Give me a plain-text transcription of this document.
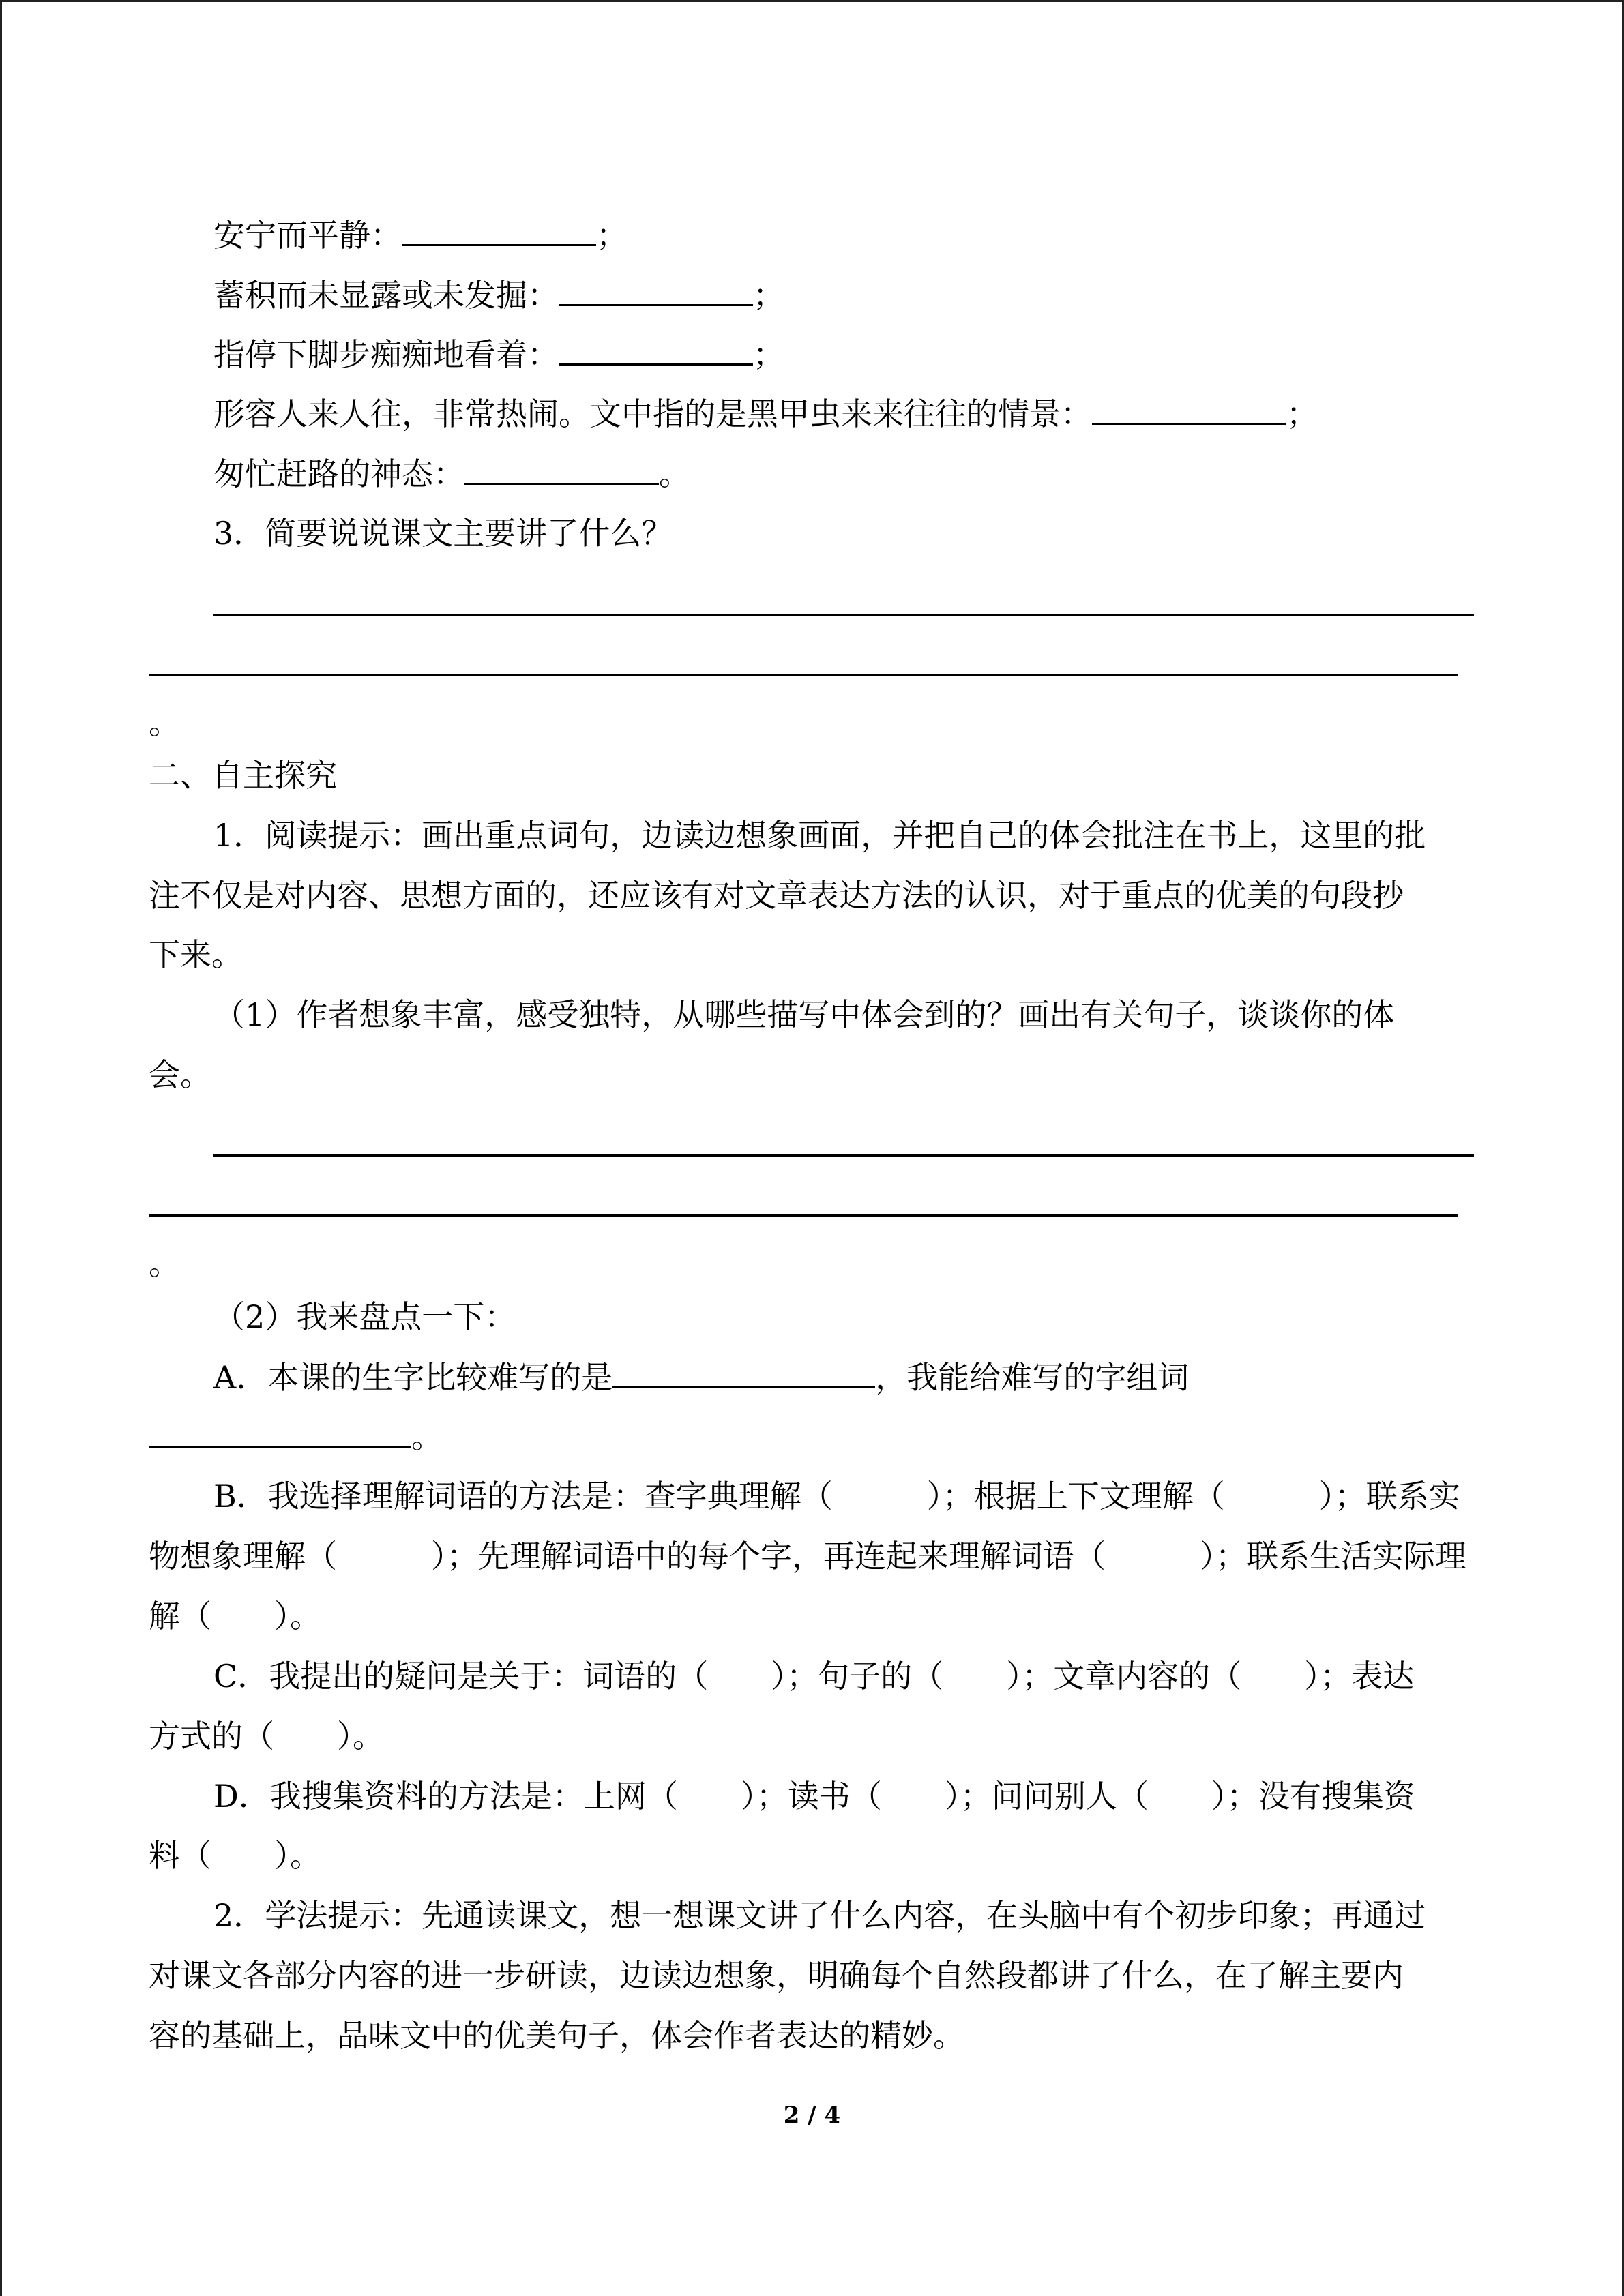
安宁而平静：	；
蓄积而未显露或未发掘：	；
指停下脚步痴痴地看着：	；
形容人来人往，非常热闹。文中指的是黑甲虫来来往往的情景：	；
匆忙赶路的神态：	。
3．简要说说课文主要讲了什么？
。
二、自主探究
1．阅读提示：画出重点词句，边读边想象画面，并把自己的体会批注在书上，这里的批
注不仅是对内容、思想方面的，还应该有对文章表达方法的认识，对于重点的优美的句段抄
下来。
（1）作者想象丰富，感受独特，从哪些描写中体会到的？画出有关句子，谈谈你的体
会。
。
（2）我来盘点一下：
A．本课的生字比较难写的是	，我能给难写的字组词
。
B．我选择理解词语的方法是：查字典理解（　　　）；根据上下文理解（　　　）；联系实
物想象理解（　　　）；先理解词语中的每个字，再连起来理解词语（　　　）；联系生活实际理
解（　　）。
C．我提出的疑问是关于：词语的（　　）；句子的（　　）；文章内容的（　　）；表达
方式的（　　）。
D．我搜集资料的方法是：上网（　　）；读书（　　）；问问别人（　　）；没有搜集资
料（　　）。
2．学法提示：先通读课文，想一想课文讲了什么内容，在头脑中有个初步印象；再通过
对课文各部分内容的进一步研读，边读边想象，明确每个自然段都讲了什么，在了解主要内
容的基础上，品味文中的优美句子，体会作者表达的精妙。
2 / 4
